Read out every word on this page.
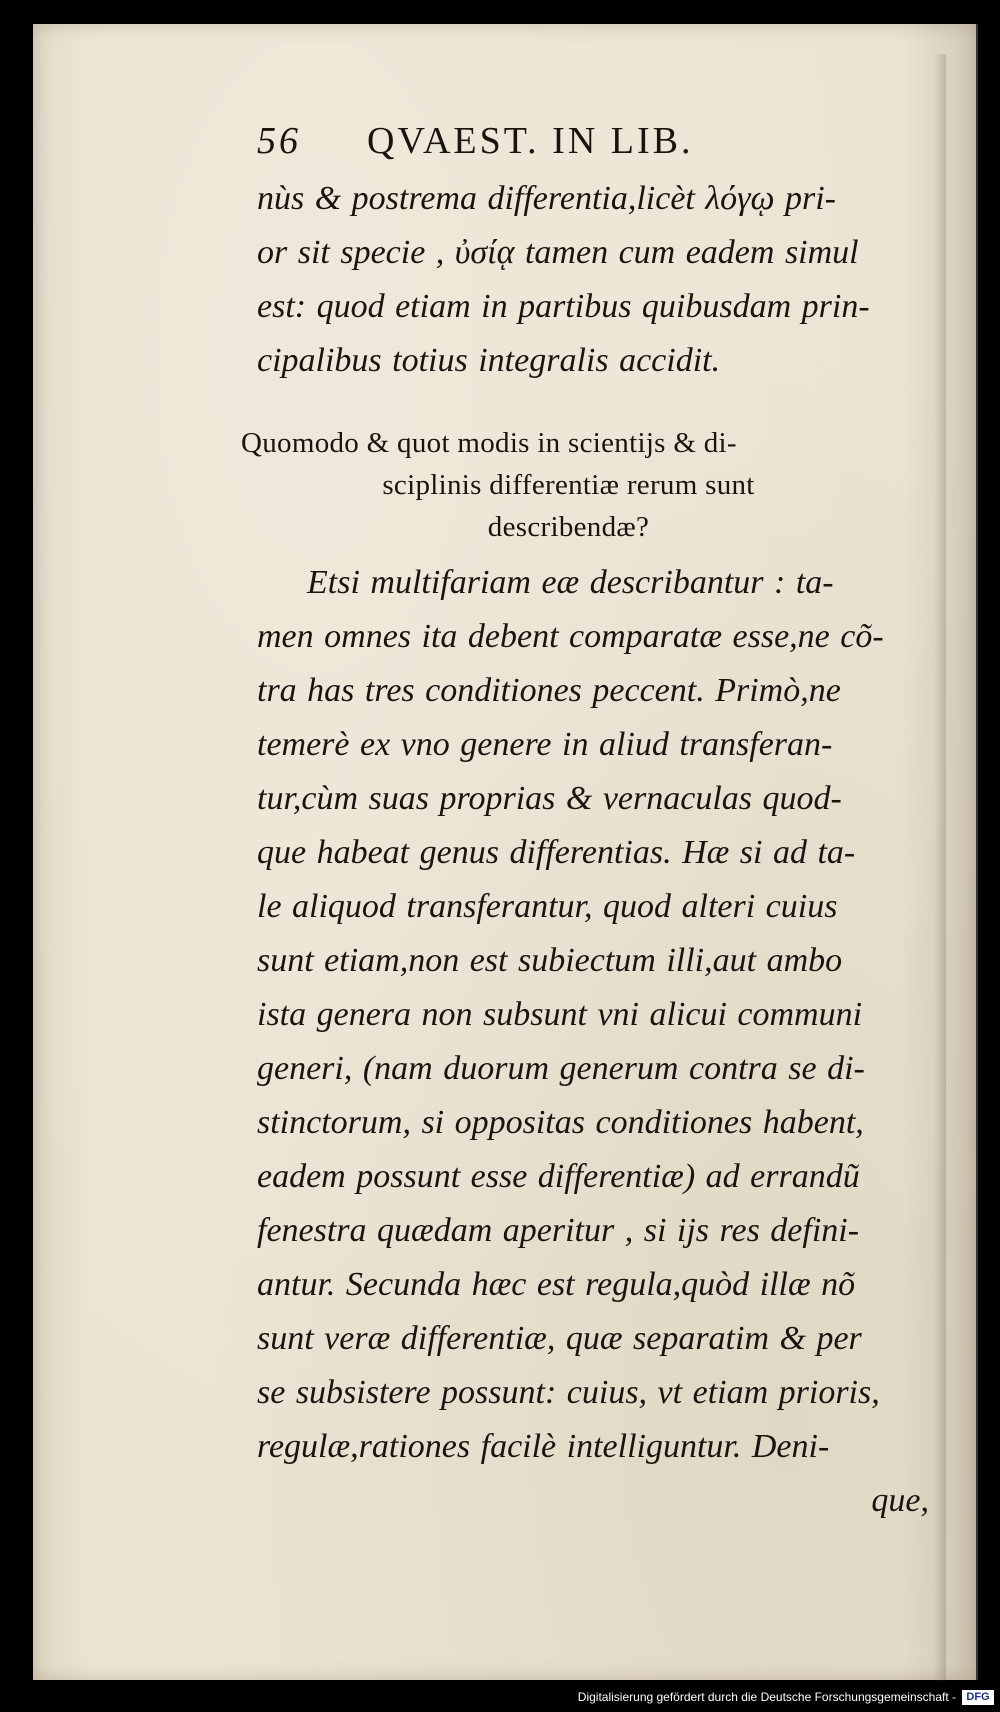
56 QVAEST. IN LIB.
nùs & postrema differentia,licèt λόγῳ pri-
or sit specie , ὐσίᾳ tamen cum eadem simul
est: quod etiam in partibus quibusdam prin-
cipalibus totius integralis accidit.
Quomodo & quot modis in scientijs & di-
sciplinis differentiæ rerum sunt
describendæ?
Etsi multifariam eæ describantur : ta-
men omnes ita debent comparatæ esse,ne cõ-
tra has tres conditiones peccent. Primò,ne
temerè ex vno genere in aliud transferan-
tur,cùm suas proprias & vernaculas quod-
que habeat genus differentias. Hæ si ad ta-
le aliquod transferantur, quod alteri cuius
sunt etiam,non est subiectum illi,aut ambo
ista genera non subsunt vni alicui communi
generi, (nam duorum generum contra se di-
stinctorum, si oppositas conditiones habent,
eadem possunt esse differentiæ) ad errandũ
fenestra quædam aperitur , si ijs res defini-
antur. Secunda hæc est regula,quòd illæ nõ
sunt veræ differentiæ, quæ separatim & per
se subsistere possunt: cuius, vt etiam prioris,
regulæ,rationes facilè intelliguntur. Deni-
que,
Digitalisierung gefördert durch die Deutsche Forschungsgemeinschaft - DFG
